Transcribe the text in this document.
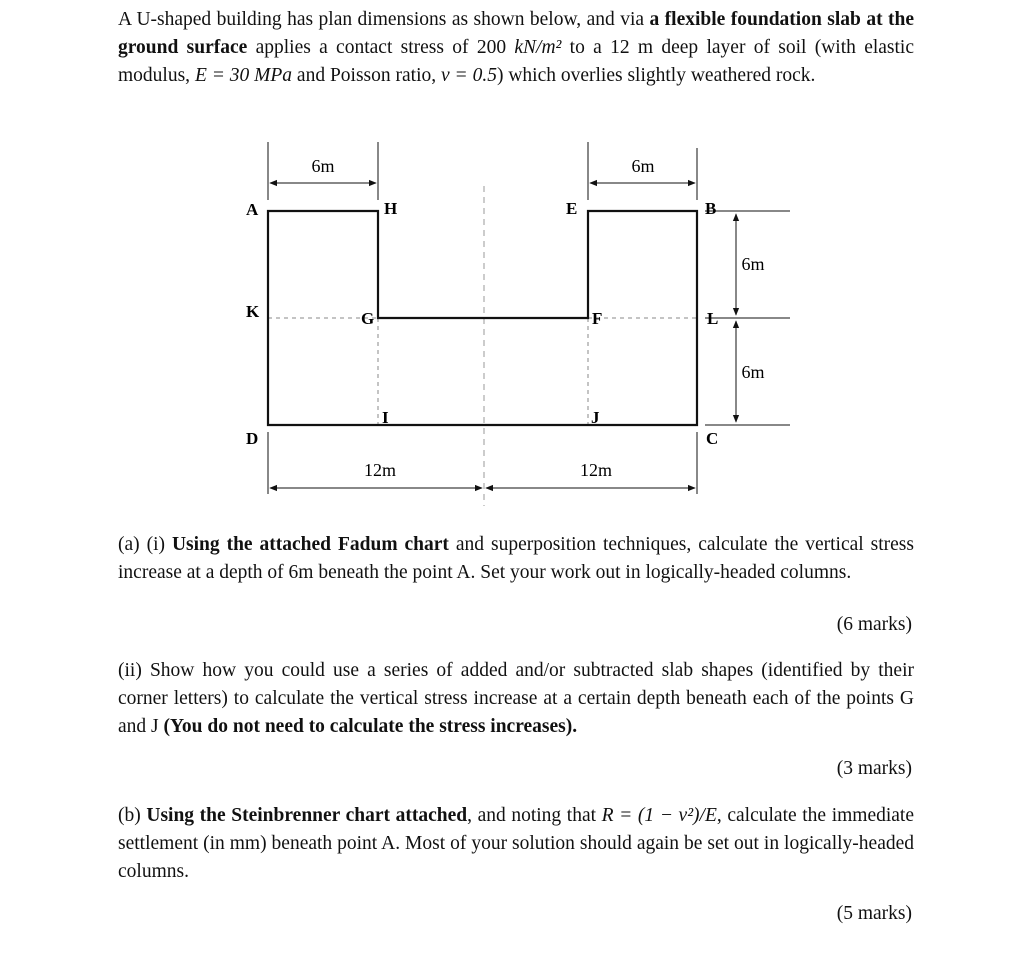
A U-shaped building has plan dimensions as shown below, and via a flexible foundation slab at the ground surface applies a contact stress of 200 kN/m² to a 12 m deep layer of soil (with elastic modulus, E = 30 MPa and Poisson ratio, ν = 0.5) which overlies slightly weathered rock.

6m	6m
6m
6m
12m	12m
A	H	E	B
K	G	F	L
D
I	J
C

(a) (i) Using the attached Fadum chart and superposition techniques, calculate the vertical stress increase at a depth of 6m beneath the point A. Set your work out in logically-headed columns.

(6 marks)

(ii) Show how you could use a series of added and/or subtracted slab shapes (identified by their corner letters) to calculate the vertical stress increase at a certain depth beneath each of the points G and J (You do not need to calculate the stress increases).

(3 marks)

(b) Using the Steinbrenner chart attached, and noting that R = (1 − ν²)/E, calculate the immediate settlement (in mm) beneath point A. Most of your solution should again be set out in logically-headed columns.

(5 marks)
